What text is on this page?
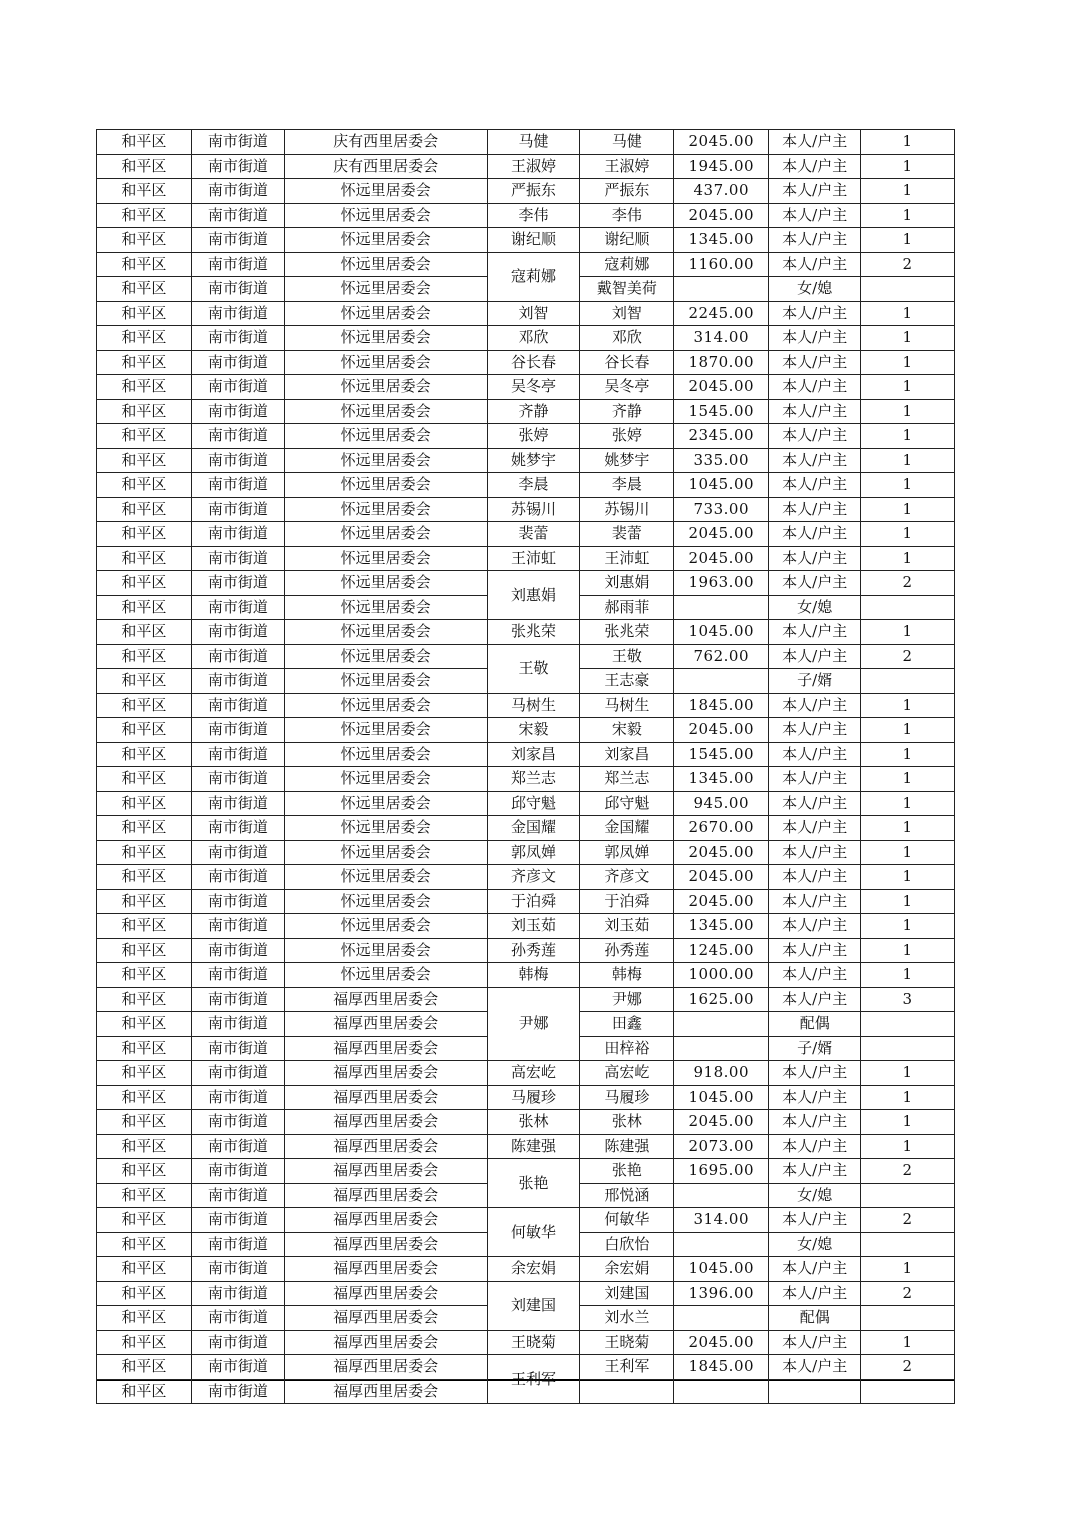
和平区	南市街道	庆有西里居委会	马健	马健	2045.00	本人/户主	1
和平区	南市街道	庆有西里居委会	王淑婷	王淑婷	1945.00	本人/户主	1
和平区	南市街道	怀远里居委会	严振东	严振东	437.00	本人/户主	1
和平区	南市街道	怀远里居委会	李伟	李伟	2045.00	本人/户主	1
和平区	南市街道	怀远里居委会	谢纪顺	谢纪顺	1345.00	本人/户主	1
和平区	南市街道	怀远里居委会	寇莉娜	寇莉娜	1160.00	本人/户主	2
和平区	南市街道	怀远里居委会		戴智美荷		女/媳	
和平区	南市街道	怀远里居委会	刘智	刘智	2245.00	本人/户主	1
和平区	南市街道	怀远里居委会	邓欣	邓欣	314.00	本人/户主	1
和平区	南市街道	怀远里居委会	谷长春	谷长春	1870.00	本人/户主	1
和平区	南市街道	怀远里居委会	吴冬亭	吴冬亭	2045.00	本人/户主	1
和平区	南市街道	怀远里居委会	齐静	齐静	1545.00	本人/户主	1
和平区	南市街道	怀远里居委会	张婷	张婷	2345.00	本人/户主	1
和平区	南市街道	怀远里居委会	姚梦宇	姚梦宇	335.00	本人/户主	1
和平区	南市街道	怀远里居委会	李晨	李晨	1045.00	本人/户主	1
和平区	南市街道	怀远里居委会	苏锡川	苏锡川	733.00	本人/户主	1
和平区	南市街道	怀远里居委会	裴蕾	裴蕾	2045.00	本人/户主	1
和平区	南市街道	怀远里居委会	王沛虹	王沛虹	2045.00	本人/户主	1
和平区	南市街道	怀远里居委会	刘惠娟	刘惠娟	1963.00	本人/户主	2
和平区	南市街道	怀远里居委会		郝雨菲		女/媳	
和平区	南市街道	怀远里居委会	张兆荣	张兆荣	1045.00	本人/户主	1
和平区	南市街道	怀远里居委会	王敬	王敬	762.00	本人/户主	2
和平区	南市街道	怀远里居委会		王志豪		子/婿	
和平区	南市街道	怀远里居委会	马树生	马树生	1845.00	本人/户主	1
和平区	南市街道	怀远里居委会	宋毅	宋毅	2045.00	本人/户主	1
和平区	南市街道	怀远里居委会	刘家昌	刘家昌	1545.00	本人/户主	1
和平区	南市街道	怀远里居委会	郑兰志	郑兰志	1345.00	本人/户主	1
和平区	南市街道	怀远里居委会	邱守魁	邱守魁	945.00	本人/户主	1
和平区	南市街道	怀远里居委会	金国耀	金国耀	2670.00	本人/户主	1
和平区	南市街道	怀远里居委会	郭凤婵	郭凤婵	2045.00	本人/户主	1
和平区	南市街道	怀远里居委会	齐彦文	齐彦文	2045.00	本人/户主	1
和平区	南市街道	怀远里居委会	于泊舜	于泊舜	2045.00	本人/户主	1
和平区	南市街道	怀远里居委会	刘玉茹	刘玉茹	1345.00	本人/户主	1
和平区	南市街道	怀远里居委会	孙秀莲	孙秀莲	1245.00	本人/户主	1
和平区	南市街道	怀远里居委会	韩梅	韩梅	1000.00	本人/户主	1
和平区	南市街道	福厚西里居委会	尹娜	尹娜	1625.00	本人/户主	3
和平区	南市街道	福厚西里居委会		田鑫		配偶	
和平区	南市街道	福厚西里居委会		田梓裕		子/婿	
和平区	南市街道	福厚西里居委会	高宏屹	高宏屹	918.00	本人/户主	1
和平区	南市街道	福厚西里居委会	马履珍	马履珍	1045.00	本人/户主	1
和平区	南市街道	福厚西里居委会	张林	张林	2045.00	本人/户主	1
和平区	南市街道	福厚西里居委会	陈建强	陈建强	2073.00	本人/户主	1
和平区	南市街道	福厚西里居委会	张艳	张艳	1695.00	本人/户主	2
和平区	南市街道	福厚西里居委会		邢悦涵		女/媳	
和平区	南市街道	福厚西里居委会	何敏华	何敏华	314.00	本人/户主	2
和平区	南市街道	福厚西里居委会		白欣怡		女/媳	
和平区	南市街道	福厚西里居委会	余宏娟	余宏娟	1045.00	本人/户主	1
和平区	南市街道	福厚西里居委会	刘建国	刘建国	1396.00	本人/户主	2
和平区	南市街道	福厚西里居委会		刘水兰		配偶	
和平区	南市街道	福厚西里居委会	王晓菊	王晓菊	2045.00	本人/户主	1
和平区	南市街道	福厚西里居委会	王利军	王利军	1845.00	本人/户主	2
和平区	南市街道	福厚西里居委会					
